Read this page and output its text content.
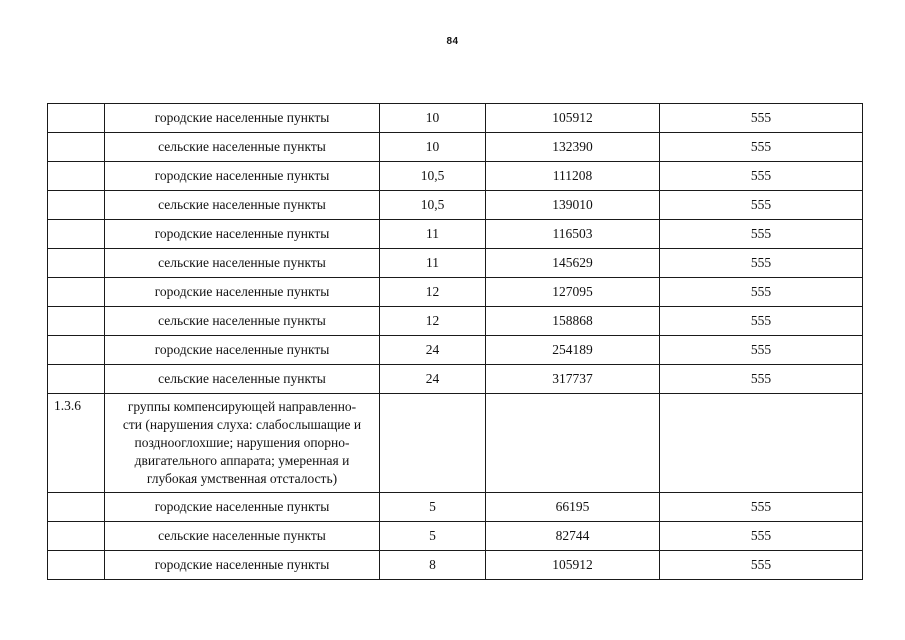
84
	городские населенные пункты	10	105912	555
	сельские населенные пункты	10	132390	555
	городские населенные пункты	10,5	111208	555
	сельские населенные пункты	10,5	139010	555
	городские населенные пункты	11	116503	555
	сельские населенные пункты	11	145629	555
	городские населенные пункты	12	127095	555
	сельские населенные пункты	12	158868	555
	городские населенные пункты	24	254189	555
	сельские населенные пункты	24	317737	555
1.3.6	группы компенсирующей направленно-
сти (нарушения слуха: слабослышащие и
позднооглохшие; нарушения опорно-
двигательного аппарата; умеренная и
глубокая умственная отсталость)			
	городские населенные пункты	5	66195	555
	сельские населенные пункты	5	82744	555
	городские населенные пункты	8	105912	555
